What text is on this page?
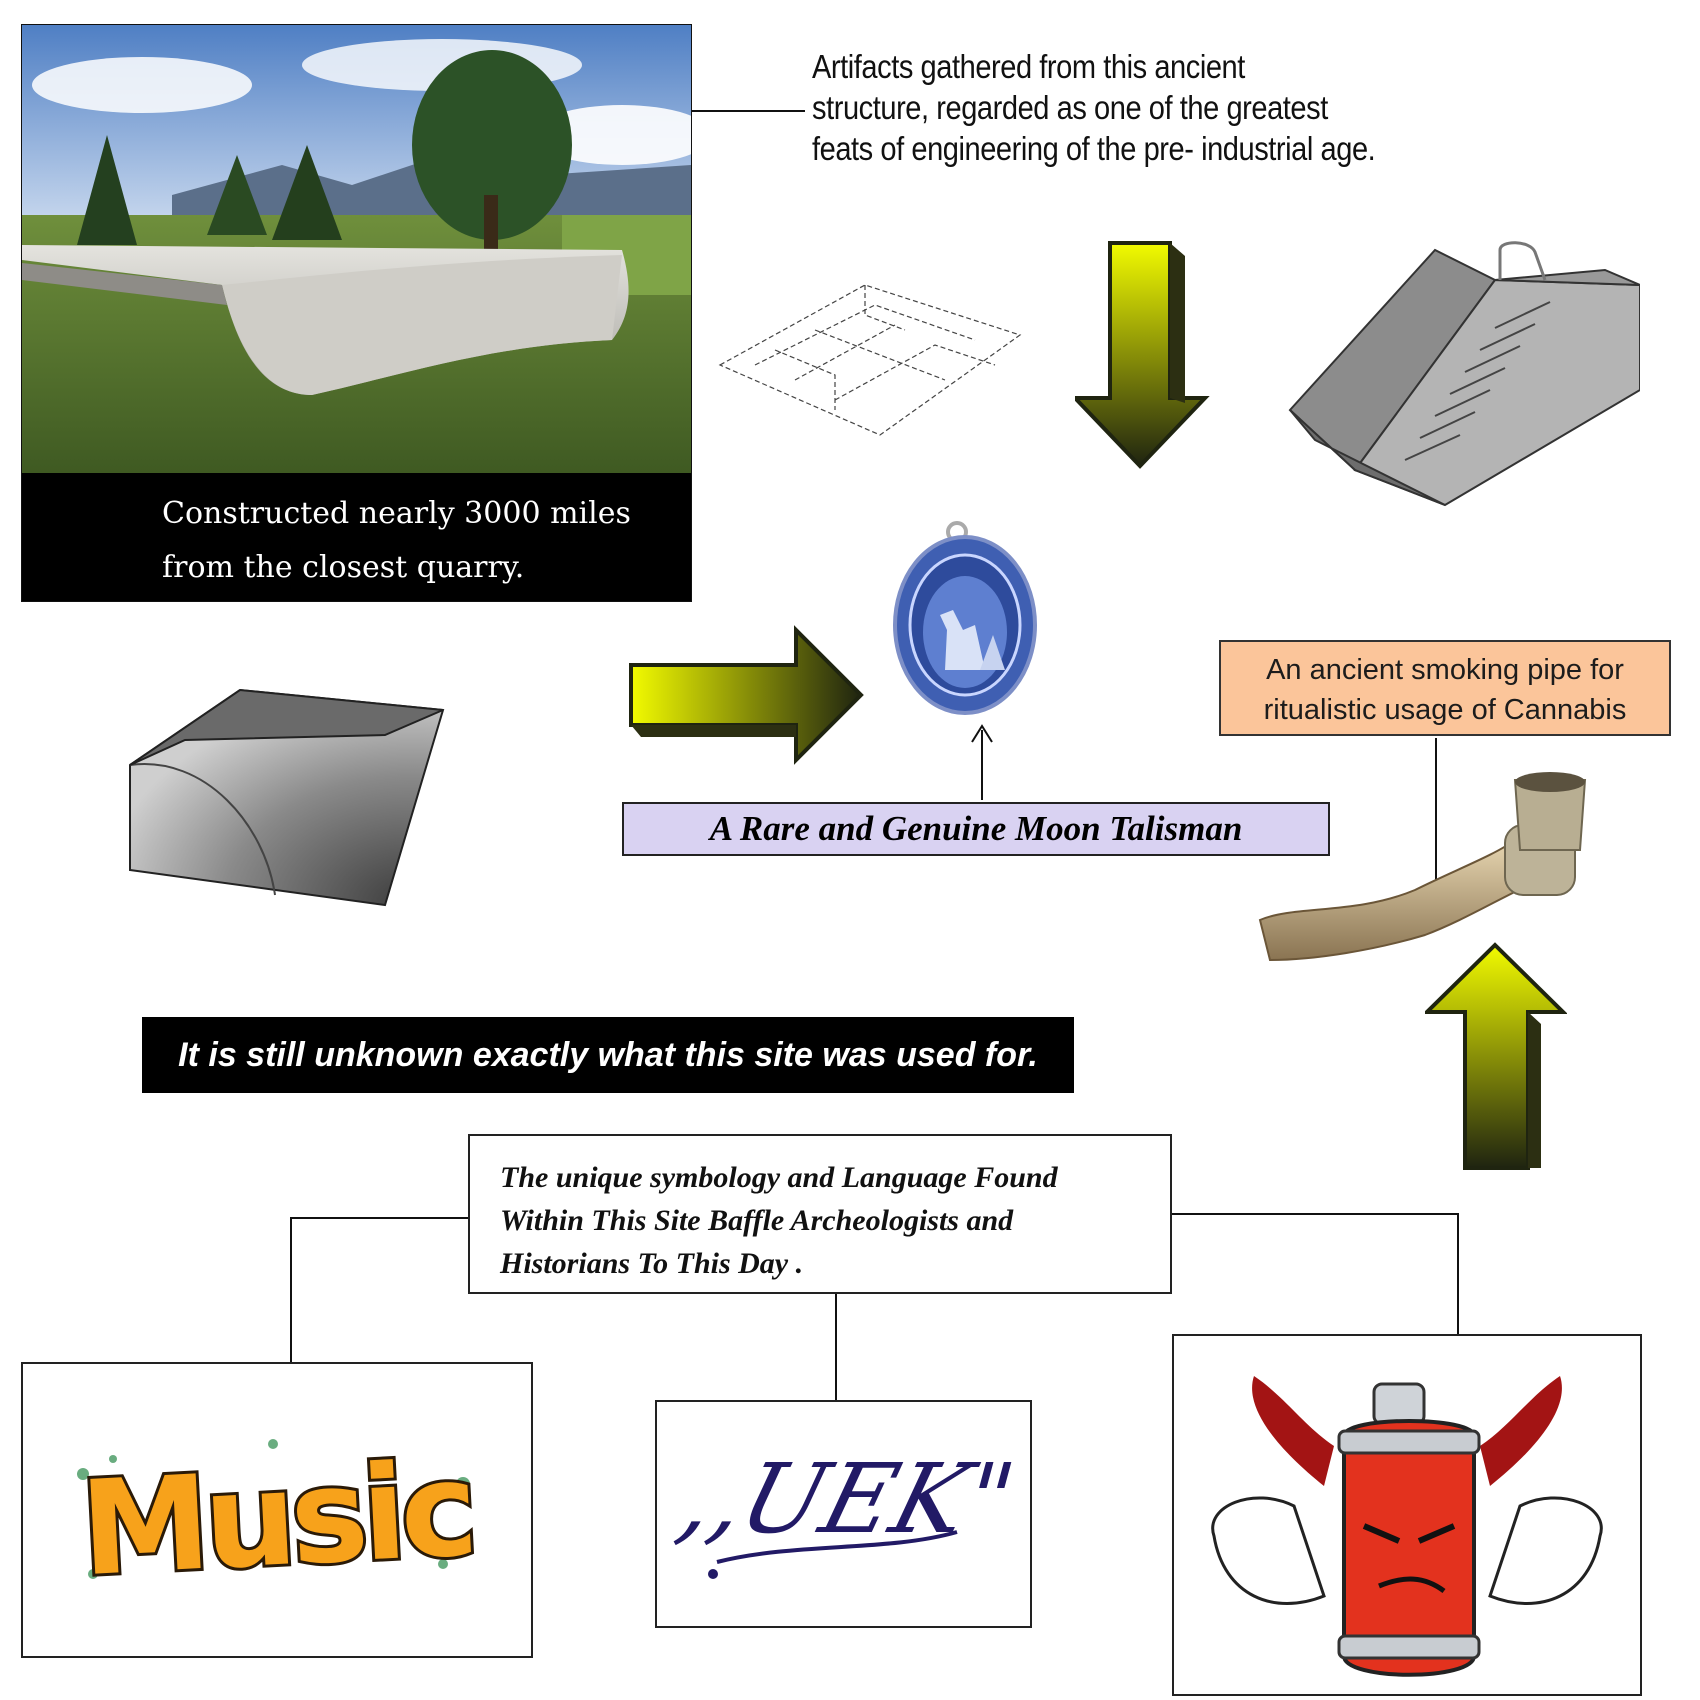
Constructed nearly 3000 miles
from the closest quarry.
Artifacts gathered from this ancient
structure, regarded as one of the greatest
feats of engineering of the pre- industrial age.
A Rare and Genuine Moon Talisman
An ancient smoking pipe for
ritualistic usage of Cannabis
It is still unknown exactly what this site was used for.
The unique symbology and Language Found
Within This Site Baffle Archeologists and
Historians To This Day .
Music ,,UEK"
